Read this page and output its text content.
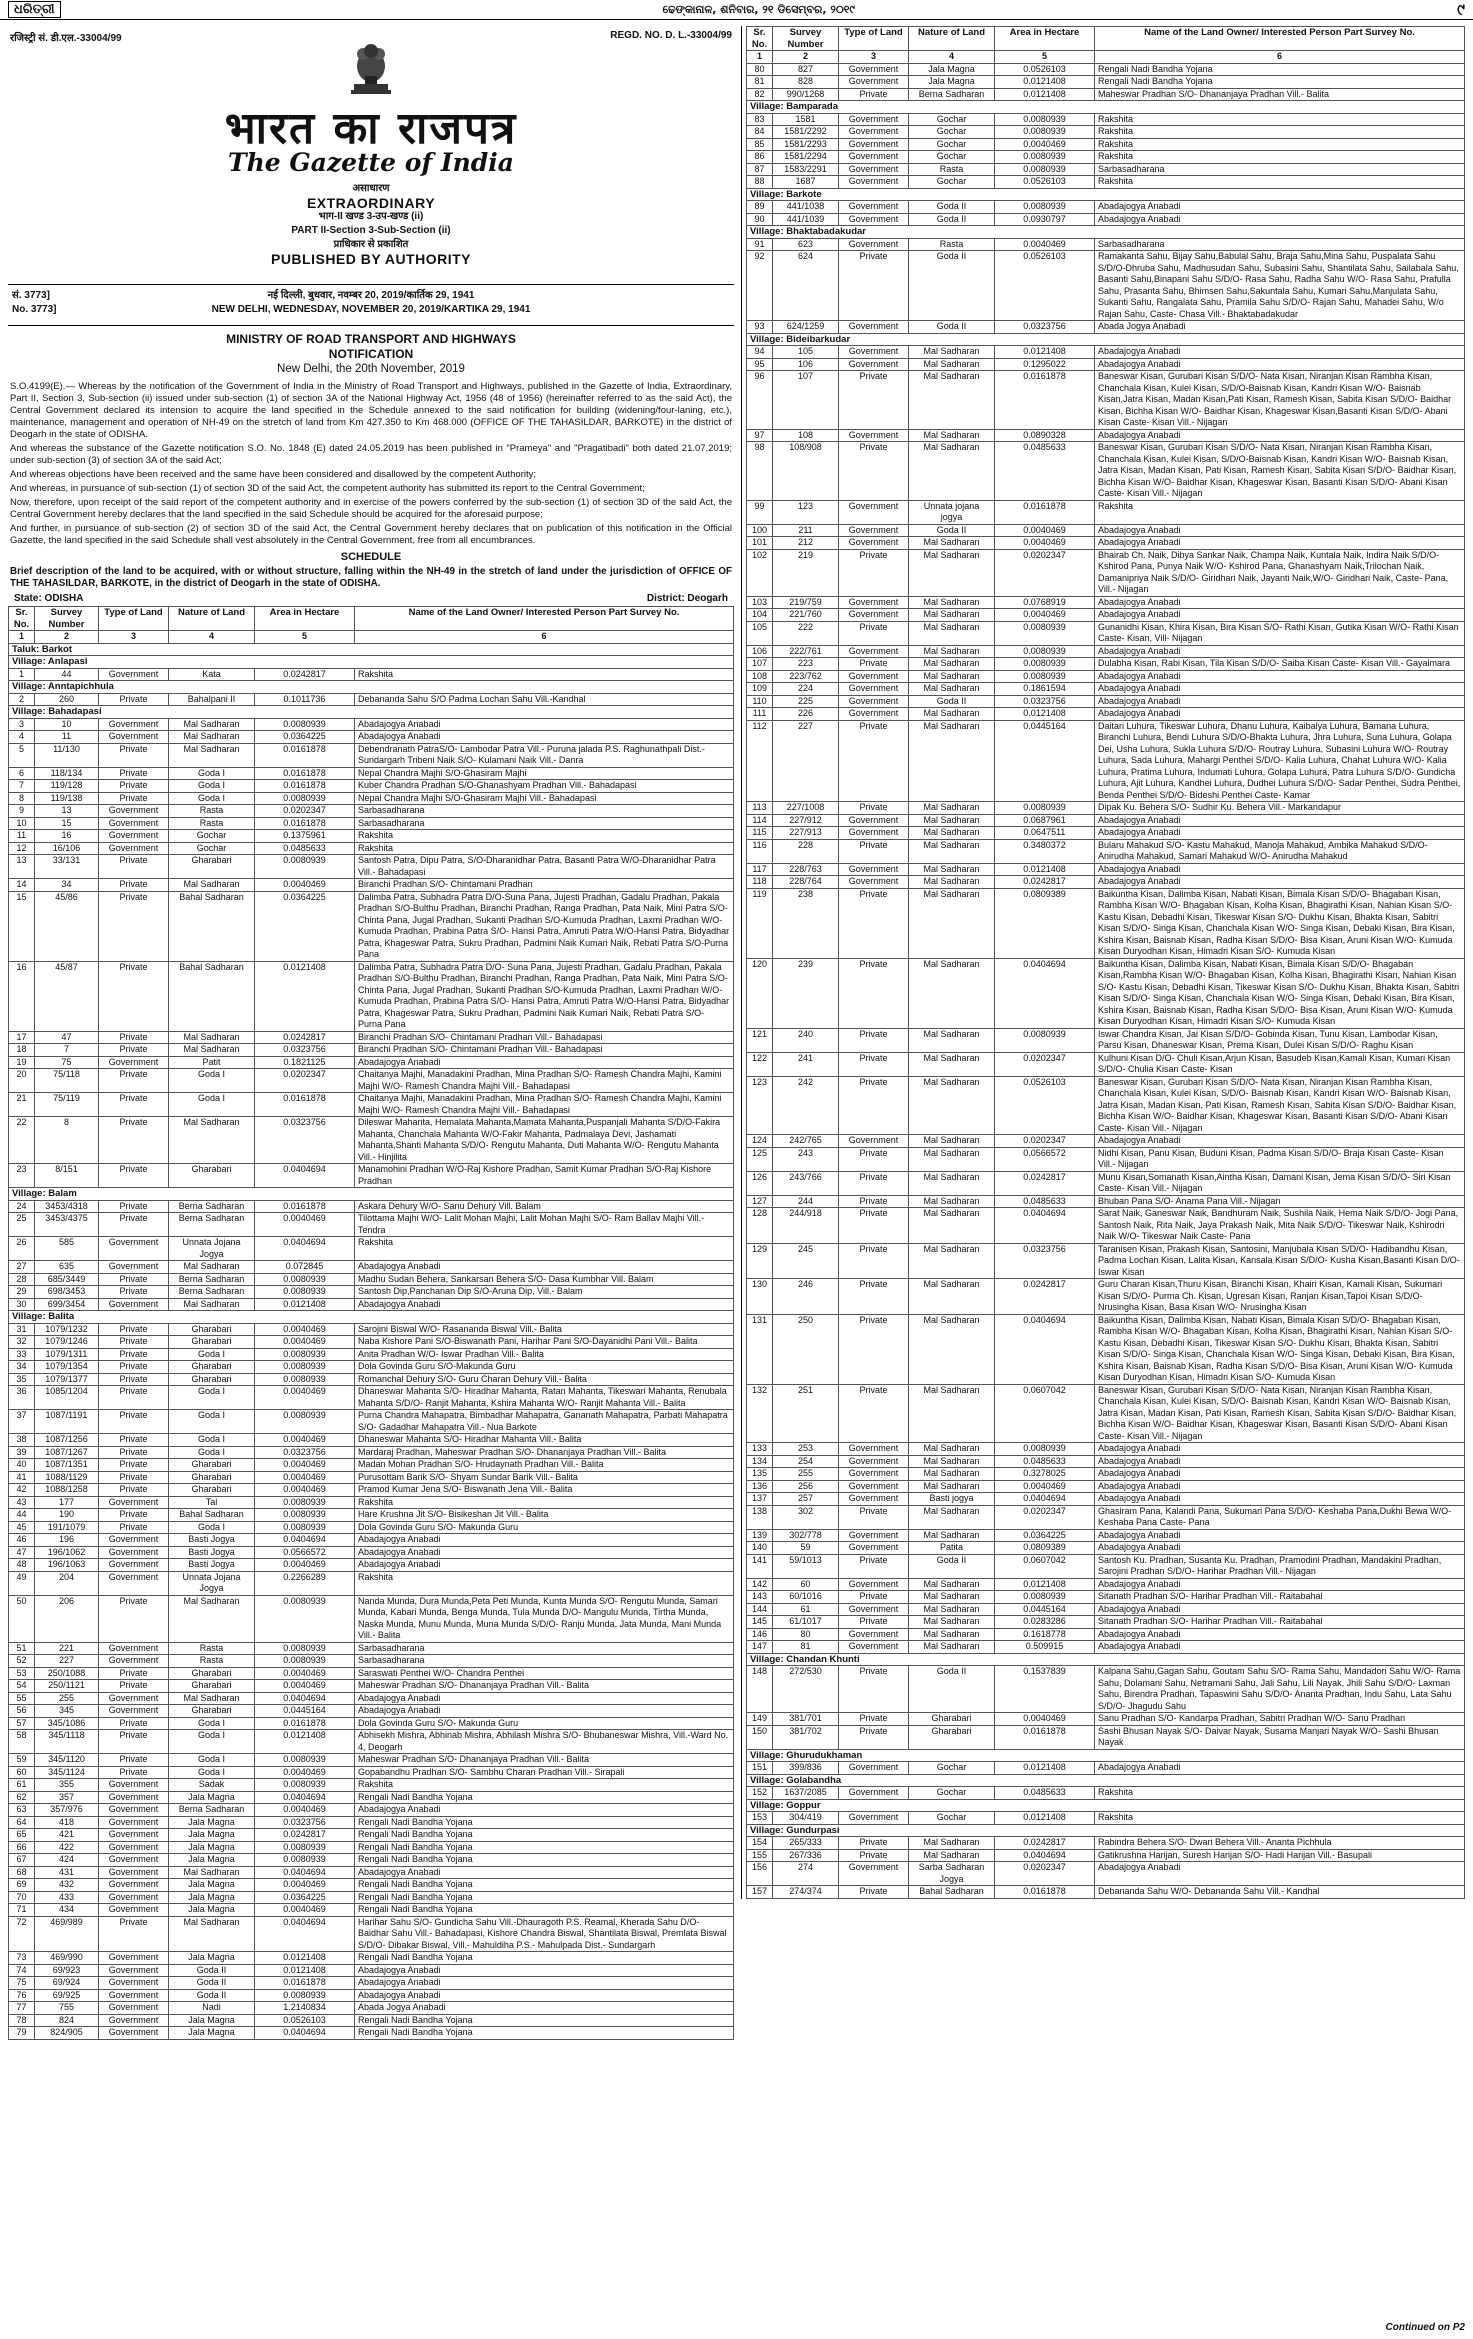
ଧରିତ୍ରୀ	ଢେଙ୍କାନାଳ, ଶନିବାର, ୨୧ ଡିସେମ୍ବର, ୨୦୧୯	୯
रजिस्ट्री सं. डी.एल.-33004/99	REGD. NO. D. L.-33004/99
भारत का राजपत्र
The Gazette of India
असाधारण
EXTRAORDINARY
भाग-II खण्ड 3-उप-खण्ड (ii)
PART II-Section 3-Sub-Section (ii)
प्राधिकार से प्रकाशित
PUBLISHED BY AUTHORITY
सं. 3773]
No. 3773]
नई दिल्ली, बुधवार, नवम्बर 20, 2019/कार्तिक 29, 1941
NEW DELHI, WEDNESDAY, NOVEMBER 20, 2019/KARTIKA 29, 1941
MINISTRY OF ROAD TRANSPORT AND HIGHWAYS
NOTIFICATION
New Delhi, the 20th November, 2019

S.O.4199(E).— Whereas by the notification of the Government of India in the Ministry of Road Transport and Highways, published in the Gazette of India, Extraordinary, Part II, Section 3, Sub-section (ii) issued under sub-section (1) of section 3A of the National Highway Act, 1956 (48 of 1956) (hereinafter referred to as the said Act), the Central Government declared its intension to acquire the land specified in the Schedule annexed to the said notification for building (widening/four-laning, etc.), maintenance, management and operation of NH-49 on the stretch of land from Km 427.350 to Km 468.000 (OFFICE OF THE TAHASILDAR, BARKOTE) in the district of Deogarh in the state of ODISHA.

And whereas the substance of the Gazette notification S.O. No. 1848 (E) dated 24.05.2019 has been published in "Prameya" and "Pragatibadi" both dated 21.07.2019; under sub-section (3) of section 3A of the said Act;

And whereas objections have been received and the same have been considered and disallowed by the competent Authority;

And whereas, in pursuance of sub-section (1) of section 3D of the said Act, the competent authority has submitted its report to the Central Government;

Now, therefore, upon receipt of the said report of the competent authority and in exercise of the powers conferred by the sub-section (1) of section 3D of the said Act, the Central Government hereby declares that the land specified in the said Schedule should be acquired for the aforesaid purpose;

And further, in pursuance of sub-section (2) of section 3D of the said Act, the Central Government hereby declares that on publication of this notification in the Official Gazette, the land specified in the said Schedule shall vest absolutely in the Central Government, free from all encumbrances.

SCHEDULE

Brief description of the land to be acquired, with or without structure, falling within the NH-49 in the stretch of land under the jurisdiction of OFFICE OF THE TAHASILDAR, BARKOTE, in the district of Deogarh in the state of ODISHA.

State: ODISHA	District: Deogarh
Sr. No.	Survey Number	Type of Land	Nature of Land	Area in Hectare	Name of the Land Owner/ Interested Person Part Survey No.
1	2	3	4	5	6
Taluk: Barkot					
Village: Anlapasi					
1	44	Government	Kata	0.0242817	Rakshita
Village: Anntapichhula					
2	260	Private	Bahalpani II	0.1011736	Debananda Sahu S/O Padma Lochan Sahu Vill.-Kandhal
Village: Bahadapasi					
3	10	Government	Mal Sadharan	0.0080939	Abadajogya Anabadi
4	11	Government	Mal Sadharan	0.0364225	Abadajogya Anabadi
5	11/130	Private	Mal Sadharan	0.0161878	Debendranath PatraS/O- Lambodar Patra Vill.- Puruna jalada P.S. Raghunathpali Dist.- Sundargarh Tribeni Naik S/O- Kulamani Naik Vill.- Danra
6	118/134	Private	Goda I	0.0161878	Nepal Chandra Majhi S/O-Ghasiram Majhi
7	119/128	Private	Goda I	0.0161878	Kuber Chandra Pradhan S/O-Ghanashyam Pradhan Vill.- Bahadapasi
8	119/138	Private	Goda I	0.0080939	Nepal Chandra Majhi S/O-Ghasiram Majhi Vill.- Bahadapasi
9	13	Government	Rasta	0.0202347	Sarbasadharana
10	15	Government	Rasta	0.0161878	Sarbasadharana
11	16	Government	Gochar	0.1375961	Rakshita
12	16/106	Government	Gochar	0.0485633	Rakshita
13	33/131	Private	Gharabari	0.0080939	Santosh Patra, Dipu Patra, S/O-Dharanidhar Patra, Basanti Patra W/O-Dharanidhar Patra Vill.- Bahadapasi
14	34	Private	Mal Sadharan	0.0040469	Biranchi Pradhan S/O- Chintamani Pradhan
15	45/86	Private	Bahal Sadharan	0.0364225	Dalimba Patra, Subhadra Patra D/O-Suna Pana, Jujesti Pradhan, Gadalu Pradhan, Pakala Pradhan S/O-Bulthu Pradhan, Biranchi Pradhan, Ranga Pradhan, Pata Naik, Mini Patra S/O-Chinta Pana, Jugal Pradhan, Sukanti Pradhan S/O-Kumuda Pradhan, Laxmi Pradhan W/O- Kumuda Pradhan, Prabina Patra S/O- Hansi Patra, Amruti Patra W/O-Hansi Patra, Bidyadhar Patra, Khageswar Patra, Sukru Pradhan, Padmini Naik Kumari Naik, Rebati Patra S/O-Purna Pana
16	45/87	Private	Bahal Sadharan	0.0121408	Dalimba Patra, Subhadra Patra D/O- Suna Pana, Jujesti Pradhan, Gadalu Pradhan, Pakala Pradhan S/O-Bulthu Pradhan, Biranchi Pradhan, Ranga Pradhan, Pata Naik, Mini Patra S/O-Chinta Pana, Jugal Pradhan, Sukanti Pradhan S/O-Kumuda Pradhan, Laxmi Pradhan W/O- Kumuda Pradhan, Prabina Patra S/O- Hansi Patra, Amruti Patra W/O-Hansi Patra, Bidyadhar Patra, Khageswar Patra, Sukru Pradhan, Padmini Naik Kumari Naik, Rebati Patra S/O- Purna Pana
17	47	Private	Mal Sadharan	0.0242817	Biranchi Pradhan S/O- Chintamani Pradhan Vill.- Bahadapasi
18	7	Private	Mal Sadharan	0.0323756	Biranchi Pradhan S/O- Chintamani Pradhan Vill.- Bahadapasi
19	75	Government	Patit	0.1821125	Abadajogya Anabadi
20	75/118	Private	Goda I	0.0202347	Chaitanya Majhi, Manadakini Pradhan, Mina Pradhan S/O- Ramesh Chandra Majhi, Kamini Majhi W/O- Ramesh Chandra Majhi Vill.- Bahadapasi
21	75/119	Private	Goda I	0.0161878	Chaitanya Majhi, Manadakini Pradhan, Mina Pradhan S/O- Ramesh Chandra Majhi, Kamini Majhi W/O- Ramesh Chandra Majhi Vill.- Bahadapasi
22	8	Private	Mal Sadharan	0.0323756	Dileswar Mahanta, Hemalata Mahanta,Mamata Mahanta,Puspanjali Mahanta S/D/O-Fakira Mahanta, Chanchala Mahanta W/O-Fakir Mahanta, Padmalaya Devi, Jashamati Mahanta,Shanti Mahanta S/D/O- Rengutu Mahanta, Duti Mahanta W/O- Rengutu Mahanta Vill.- Hinjilita
23	8/151	Private	Gharabari	0.0404694	Manamohini Pradhan W/O-Raj Kishore Pradhan, Samit Kumar Pradhan S/O-Raj Kishore Pradhan
Village: Balam					
24	3453/4318	Private	Berna Sadharan	0.0161878	Askara Dehury W/O- Sanu Dehury Vill. Balam
25	3453/4375	Private	Berna Sadharan	0.0040469	Tilottama Majhi W/O- Lalit Mohan Majhi, Lalit Mohan Majhi S/O- Ram Ballav Majhi Vill.- Tendra
26	585	Government	Unnata Jojana Jogya	0.0404694	Rakshita
27	635	Government	Mal Sadharan	0.072845	Abadajogya Anabadi
28	685/3449	Private	Berna Sadharan	0.0080939	Madhu Sudan Behera, Sankarsan Behera S/O- Dasa Kumbhar Vill. Balam
29	698/3453	Private	Berna Sadharan	0.0080939	Santosh Dip,Panchanan Dip S/O-Aruna Dip, Vill.- Balam
30	699/3454	Government	Mal Sadharan	0.0121408	Abadajogya Anabadi
Village: Balita					
31	1079/1232	Private	Gharabari	0.0040469	Sarojini Biswal W/O- Rasananda Biswal Vill.- Balita
32	1079/1246	Private	Gharabari	0.0040469	Naba Kishore Pani S/O-Biswanath Pani, Harihar Pani S/O-Dayanidhi Pani Vill.- Balita
33	1079/1311	Private	Goda I	0.0080939	Anita Pradhan W/O- Iswar Pradhan Vill.- Balita
34	1079/1354	Private	Gharabari	0.0080939	Dola Govinda Guru S/O-Makunda Guru
35	1079/1377	Private	Gharabari	0.0080939	Romanchal Dehury S/O- Guru Charan Dehury Vill.- Balita
36	1085/1204	Private	Goda I	0.0040469	Dhaneswar Mahanta S/O- Hiradhar Mahanta, Ratan Mahanta, Tikeswari Mahanta, Renubala Mahanta S/D/O- Ranjit Mahanta, Kshira Mahanta W/O- Ranjit Mahanta Vill.- Balita
37	1087/1191	Private	Goda I	0.0080939	Purna Chandra Mahapatra, Bimbadhar Mahapatra, Gananath Mahapatra, Parbati Mahapatra S/O- Gadadhar Mahapatra Vill.- Nua Barkote
38	1087/1256	Private	Goda I	0.0040469	Dhaneswar Mahanta S/O- Hiradhar Mahanta Vill.- Balita
39	1087/1267	Private	Goda I	0.0323756	Mardaraj Pradhan, Maheswar Pradhan S/O- Dhananjaya Pradhan Vill.- Balita
40	1087/1351	Private	Gharabari	0.0040469	Madan Mohan Pradhan S/O- Hrudaynath Pradhan Vill.- Balita
41	1088/1129	Private	Gharabari	0.0040469	Purusottam Barik S/O- Shyam Sundar Barik Vill.- Balita
42	1088/1258	Private	Gharabari	0.0040469	Pramod Kumar Jena S/O- Biswanath Jena Vill.- Balita
43	177	Government	Tal	0.0080939	Rakshita
44	190	Private	Bahal Sadharan	0.0080939	Hare Krushna Jit S/O- Bisikeshan Jit Vill.- Balita
45	191/1079	Private	Goda I	0.0080939	Dola Govinda Guru S/O- Makunda Guru
46	196	Government	Basti Jogya	0.0404694	Abadajogya Anabadi
47	196/1062	Government	Basti Jogya	0.0566572	Abadajogya Anabadi
48	196/1063	Government	Basti Jogya	0.0040469	Abadajogya Anabadi
49	204	Government	Unnata Jojana Jogya	0.2266289	Rakshita
50	206	Private	Mal Sadharan	0.0080939	Nanda Munda, Dura Munda,Peta Peti Munda, Kunta Munda S/O- Rengutu Munda, Samari Munda, Kabari Munda, Benga Munda, Tula Munda D/O- Mangulu Munda, Tirtha Munda, Naska Munda, Munu Munda, Muna Munda S/D/O- Ranju Munda, Jata Munda, Mani Munda Vill.- Balita
51	221	Government	Rasta	0.0080939	Sarbasadharana
52	227	Government	Rasta	0.0080939	Sarbasadharana
53	250/1088	Private	Gharabari	0.0040469	Saraswati Penthei W/O- Chandra Penthei
54	250/1121	Private	Gharabari	0.0040469	Maheswar Pradhan S/O- Dhananjaya Pradhan Vill.- Balita
55	255	Government	Mal Sadharan	0.0404694	Abadajogya Anabadi
56	345	Government	Gharabari	0.0445164	Abadajogya Anabadi
57	345/1086	Private	Goda I	0.0161878	Dola Govinda Guru S/O- Makunda Guru
58	345/1118	Private	Goda I	0.0121408	Abhisekh Mishra, Abhinab Mishra, Abhilash Mishra S/O- Bhubaneswar Mishra, Vill.-Ward No. 4, Deogarh
59	345/1120	Private	Goda I	0.0080939	Maheswar Pradhan S/O- Dhananjaya Pradhan Vill.- Balita
60	345/1124	Private	Goda I	0.0040469	Gopabandhu Pradhan S/O- Sambhu Charan Pradhan Vill.- Sirapali
61	355	Government	Sadak	0.0080939	Rakshita
62	357	Government	Jala Magna	0.0404694	Rengali Nadi Bandha Yojana
63	357/976	Government	Berna Sadharan	0.0040469	Abadajogya Anabadi
64	418	Government	Jala Magna	0.0323756	Rengali Nadi Bandha Yojana
65	421	Government	Jala Magna	0.0242817	Rengali Nadi Bandha Yojana
66	422	Government	Jala Magna	0.0080939	Rengali Nadi Bandha Yojana
67	424	Government	Jala Magna	0.0080939	Rengali Nadi Bandha Yojana
68	431	Government	Mal Sadharan	0.0404694	Abadajogya Anabadi
69	432	Government	Jala Magna	0.0040469	Rengali Nadi Bandha Yojana
70	433	Government	Jala Magna	0.0364225	Rengali Nadi Bandha Yojana
71	434	Government	Jala Magna	0.0040469	Rengali Nadi Bandha Yojana
72	469/989	Private	Mal Sadharan	0.0404694	Harihar Sahu S/O- Gundicha Sahu Vill.-Dhauragoth P.S. Reamal, Kherada Sahu D/O- Baidhar Sahu Vill.- Bahadapasi, Kishore Chandra Biswal, Shantilata Biswal, Premlata Biswal S/D/O- Dibakar Biswal, Vill.- Mahuldiha P.S.- Mahulpada Dist.- Sundargarh
73	469/990	Government	Jala Magna	0.0121408	Rengali Nadi Bandha Yojana
74	69/923	Government	Goda II	0.0121408	Abadajogya Anabadi
75	69/924	Government	Goda II	0.0161878	Abadajogya Anabadi
76	69/925	Government	Goda II	0.0080939	Abadajogya Anabadi
77	755	Government	Nadi	1.2140834	Abada Jogya Anabadi
78	824	Government	Jala Magna	0.0526103	Rengali Nadi Bandha Yojana
79	824/905	Government	Jala Magna	0.0404694	Rengali Nadi Bandha Yojana
Sr. No.	Survey Number	Type of Land	Nature of Land	Area in Hectare	Name of the Land Owner/ Interested Person Part Survey No.
1	2	3	4	5	6
80	827	Government	Jala Magna	0.0526103	Rengali Nadi Bandha Yojana
81	828	Government	Jala Magna	0.0121408	Rengali Nadi Bandha Yojana
82	990/1268	Private	Berna Sadharan	0.0121408	Maheswar Pradhan S/O- Dhananjaya Pradhan Vill.- Balita
Village: Bamparada					
83	1581	Government	Gochar	0.0080939	Rakshita
84	1581/2292	Government	Gochar	0.0080939	Rakshita
85	1581/2293	Government	Gochar	0.0040469	Rakshita
86	1581/2294	Government	Gochar	0.0080939	Rakshita
87	1583/2291	Government	Rasta	0.0080939	Sarbasadharana
88	1687	Government	Gochar	0.0526103	Rakshita
Village: Barkote					
89	441/1038	Government	Goda II	0.0080939	Abadajogya Anabadi
90	441/1039	Government	Goda II	0.0930797	Abadajogya Anabadi
Village: Bhaktabadakudar					
91	623	Government	Rasta	0.0040469	Sarbasadharana
92	624	Private	Goda II	0.0526103	Ramakanta Sahu, Bijay Sahu,Babulal Sahu, Braja Sahu,Mina Sahu, Puspalata Sahu S/D/O-Dhruba Sahu, Madhusudan Sahu, Subasini Sahu, Shantilata Sahu, Sailabala Sahu, Basanti Sahu,Binapani Sahu S/D/O- Rasa Sahu, Radha Sahu W/O- Rasa Sahu, Prafulla Sahu, Prasanta Sahu, Bhimsen Sahu,Sakuntala Sahu, Kumari Sahu,Manjulata Sahu, Sukanti Sahu, Rangalata Sahu, Pramila Sahu S/D/O- Rajan Sahu, Mahadei Sahu, W/o Rajan Sahu, Caste- Chasa Vill.- Bhaktabadakudar
93	624/1259	Government	Goda II	0.0323756	Abada Jogya Anabadi
Village: Bideibarkudar					
94	105	Government	Mal Sadharan	0.0121408	Abadajogya Anabadi
95	106	Government	Mal Sadharan	0.1295022	Abadajogya Anabadi
96	107	Private	Mal Sadharan	0.0161878	Baneswar Kisan, Gurubari Kisan S/D/O- Nata Kisan, Niranjan Kisan Rambha Kisan, Chanchala Kisan, Kulei Kisan, S/D/O-Baisnab Kisan, Kandri Kisan W/O- Baisnab Kisan,Jatra Kisan, Madan Kisan,Pati Kisan, Ramesh Kisan, Sabita Kisan S/D/O- Baidhar Kisan, Bichha Kisan W/O- Baidhar Kisan, Khageswar Kisan,Basanti Kisan S/D/O- Abani Kisan Caste- Kisan Vill.- Nijagan
97	108	Government	Mal Sadharan	0.0890328	Abadajogya Anabadi
98	108/908	Private	Mal Sadharan	0.0485633	Baneswar Kisan, Gurubari Kisan S/D/O- Nata Kisan, Niranjan Kisan Rambha Kisan, Chanchala Kisan, Kulei Kisan, S/D/O-Baisnab Kisan, Kandri Kisan W/O- Baisnab Kisan, Jatra Kisan, Madan Kisan, Pati Kisan, Ramesh Kisan, Sabita Kisan S/D/O- Baidhar Kisan, Bichha Kisan W/O- Baidhar Kisan, Khageswar Kisan, Basanti Kisan S/D/O- Abani Kisan Caste- Kisan Vill.- Nijagan
99	123	Government	Unnata jojana jogya	0.0161878	Rakshita
100	211	Government	Goda II	0.0040469	Abadajogya Anabadi
101	212	Government	Mal Sadharan	0.0040469	Abadajogya Anabadi
102	219	Private	Mal Sadharan	0.0202347	Bhairab Ch. Naik, Dibya Sankar Naik, Champa Naik, Kuntala Naik, Indira Naik S/D/O- Kshirod Pana, Punya Naik W/O- Kshirod Pana, Ghanashyam Naik,Trilochan Naik, Damanipriya Naik S/D/O- Giridhari Naik, Jayanti Naik,W/O- Giridhari Naik, Caste- Pana, Vill.- Nijagan
103	219/759	Government	Mal Sadharan	0.0768919	Abadajogya Anabadi
104	221/760	Government	Mal Sadharan	0.0040469	Abadajogya Anabadi
105	222	Private	Mal Sadharan	0.0080939	Gunanidhi Kisan, Khira Kisan, Bira Kisan S/O- Rathi Kisan, Gutika Kisan W/O- Rathi Kisan Caste- Kisan, Vill- Nijagan
106	222/761	Government	Mal Sadharan	0.0080939	Abadajogya Anabadi
107	223	Private	Mal Sadharan	0.0080939	Dulabha Kisan, Rabi Kisan, Tila Kisan S/D/O- Saiba Kisan Caste- Kisan Vill.- Gayalmara
108	223/762	Government	Mal Sadharan	0.0080939	Abadajogya Anabadi
109	224	Government	Mal Sadharan	0.1861594	Abadajogya Anabadi
110	225	Government	Goda II	0.0323756	Abadajogya Anabadi
111	226	Government	Mal Sadharan	0.0121408	Abadajogya Anabadi
112	227	Private	Mal Sadharan	0.0445164	Daitari Luhura, Tikeswar Luhura, Dhanu Luhura, Kaibalya Luhura, Bamana Luhura, Biranchi Luhura, Bendi Luhura S/D/O-Bhakta Luhura, Jhra Luhura, Suna Luhura, Golapa Dei, Usha Luhura, Sukla Luhura S/D/O- Routray Luhura, Subasini Luhura W/O- Routray Luhura, Sada Luhura, Mahargi Penthei S/D/O- Kalia Luhura, Chahat Luhura W/O- Kalia Luhura, Pratima Luhura, Indumati Luhura, Golapa Luhura, Patra Luhura S/D/O- Gundicha Luhura, Ajit Luhura, Kandhei Luhura, Dudhei Luhura S/D/O- Sadar Penthei, Sudra Penthei, Benda Penthei S/D/O- Bideshi Penthei Caste- Kamar
113	227/1008	Private	Mal Sadharan	0.0080939	Dipak Ku. Behera S/O- Sudhir Ku. Behera Vill.- Markandapur
114	227/912	Government	Mal Sadharan	0.0687961	Abadajogya Anabadi
115	227/913	Government	Mal Sadharan	0.0647511	Abadajogya Anabadi
116	228	Private	Mal Sadharan	0.3480372	Bularu Mahakud S/O- Kastu Mahakud, Manoja Mahakud, Ambika Mahakud S/D/O- Anirudha Mahakud, Samari Mahakud W/O- Anirudha Mahakud
117	228/763	Government	Mal Sadharan	0.0121408	Abadajogya Anabadi
118	228/764	Government	Mal Sadharan	0.0242817	Abadajogya Anabadi
119	238	Private	Mal Sadharan	0.0809389	Baikuntha Kisan, Dalimba Kisan, Nabati Kisan, Bimala Kisan S/D/O- Bhagaban Kisan, Rambha Kisan W/O- Bhagaban Kisan, Kolha Kisan, Bhagirathi Kisan, Nahian Kisan S/O- Kastu Kisan, Debadhi Kisan, Tikeswar Kisan S/O- Dukhu Kisan, Bhakta Kisan, Sabitri Kisan S/D/O- Singa Kisan, Chanchala Kisan W/O- Singa Kisan, Debaki Kisan, Bira Kisan, Kshira Kisan, Baisnab Kisan, Radha Kisan S/D/O- Bisa Kisan, Aruni Kisan W/O- Kumuda Kisan Duryodhan Kisan, Himadri Kisan S/O- Kumuda Kisan
120	239	Private	Mal Sadharan	0.0404694	Baikuntha Kisan, Dalimba Kisan, Nabati Kisan, Bimala Kisan S/D/O- Bhagaban Kisan,Rambha Kisan W/O- Bhagaban Kisan, Kolha Kisan, Bhagirathi Kisan, Nahian Kisan S/O- Kastu Kisan, Debadhi Kisan, Tikeswar Kisan S/O- Dukhu Kisan, Bhakta Kisan, Sabitri Kisan S/D/O- Singa Kisan, Chanchala Kisan W/O- Singa Kisan, Debaki Kisan, Bira Kisan, Kshira Kisan, Baisnab Kisan, Radha Kisan S/D/O- Bisa Kisan, Aruni Kisan W/O- Kumuda Kisan Duryodhan Kisan, Himadri Kisan S/O- Kumuda Kisan
121	240	Private	Mal Sadharan	0.0080939	Iswar Chandra Kisan, Jai Kisan S/D/O- Gobinda Kisan, Tunu Kisan, Lambodar Kisan, Parsu Kisan, Dhaneswar Kisan, Prema Kisan, Dulei Kisan S/D/O- Raghu Kisan
122	241	Private	Mal Sadharan	0.0202347	Kulhuni Kisan D/O- Chuli Kisan,Arjun Kisan, Basudeb Kisan,Kamali Kisan, Kumari Kisan S/D/O- Chulia Kisan Caste- Kisan
123	242	Private	Mal Sadharan	0.0526103	Baneswar Kisan, Gurubari Kisan S/D/O- Nata Kisan, Niranjan Kisan Rambha Kisan, Chanchala Kisan, Kulei Kisan, S/D/O- Baisnab Kisan, Kandri Kisan W/O- Baisnab Kisan, Jatra Kisan, Madan Kisan, Pati Kisan, Ramesh Kisan, Sabita Kisan S/D/O- Baidhar Kisan, Bichha Kisan W/O- Baidhar Kisan, Khageswar Kisan, Basanti Kisan S/D/O- Abani Kisan Caste- Kisan Vill.- Nijagan
124	242/765	Government	Mal Sadharan	0.0202347	Abadajogya Anabadi
125	243	Private	Mal Sadharan	0.0566572	Nidhi Kisan, Panu Kisan, Buduni Kisan, Padma Kisan S/D/O- Braja Kisan Caste- Kisan Vill.- Nijagan
126	243/766	Private	Mal Sadharan	0.0242817	Munu Kisan,Somanath Kisan,Aintha Kisan, Damani Kisan, Jema Kisan S/D/O- Siri Kisan Caste- Kisan Vill.- Nijagan
127	244	Private	Mal Sadharan	0.0485633	Bhuban Pana S/O- Anama Pana Vill.- Nijagan
128	244/918	Private	Mal Sadharan	0.0404694	Sarat Naik, Ganeswar Naik, Bandhuram Naik, Sushila Naik, Hema Naik S/D/O- Jogi Pana, Santosh Naik, Rita Naik, Jaya Prakash Naik, Mita Naik S/D/O- Tikeswar Naik, Kshirodri Naik W/O- Tikeswar Naik Caste- Pana
129	245	Private	Mal Sadharan	0.0323756	Taranisen Kisan, Prakash Kisan, Santosini, Manjubala Kisan S/D/O- Hadibandhu Kisan, Padma Lochan Kisan, Lalita Kisan, Kansala Kisan S/D/O- Kusha Kisan,Basanti Kisan D/O- Iswar Kisan
130	246	Private	Mal Sadharan	0.0242817	Guru Charan Kisan,Thuru Kisan, Biranchi Kisan, Khairi Kisan, Kamali Kisan, Sukumari Kisan S/D/O- Purma Ch. Kisan, Ugresan Kisan, Ranjan Kisan,Tapoi Kisan S/D/O- Nrusingha Kisan, Basa Kisan W/O- Nrusingha Kisan
131	250	Private	Mal Sadharan	0.0404694	Baikuntha Kisan, Dalimba Kisan, Nabati Kisan, Bimala Kisan S/D/O- Bhagaban Kisan, Rambha Kisan W/O- Bhagaban Kisan, Kolha Kisan, Bhagirathi Kisan, Nahian Kisan S/O- Kastu Kisan, Debadhi Kisan, Tikeswar Kisan S/O- Dukhu Kisan, Bhakta Kisan, Sabitri Kisan S/D/O- Singa Kisan, Chanchala Kisan W/O- Singa Kisan, Debaki Kisan, Bira Kisan, Kshira Kisan, Baisnab Kisan, Radha Kisan S/D/O- Bisa Kisan, Aruni Kisan W/O- Kumuda Kisan Duryodhan Kisan, Himadri Kisan S/O- Kumuda Kisan
132	251	Private	Mal Sadharan	0.0607042	Baneswar Kisan, Gurubari Kisan S/D/O- Nata Kisan, Niranjan Kisan Rambha Kisan, Chanchala Kisan, Kulei Kisan, S/D/O- Baisnab Kisan, Kandri Kisan W/O- Baisnab Kisan, Jatra Kisan, Madan Kisan, Pati Kisan, Ramesh Kisan, Sabita Kisan S/D/O- Baidhar Kisan, Bichha Kisan W/O- Baidhar Kisan, Khageswar Kisan, Basanti Kisan S/D/O- Abani Kisan Caste- Kisan Vill.- Nijagan
133	253	Government	Mal Sadharan	0.0080939	Abadajogya Anabadi
134	254	Government	Mal Sadharan	0.0485633	Abadajogya Anabadi
135	255	Government	Mal Sadharan	0.3278025	Abadajogya Anabadi
136	256	Government	Mal Sadharan	0.0040469	Abadajogya Anabadi
137	257	Government	Basti jogya	0.0404694	Abadajogya Anabadi
138	302	Private	Mal Sadharan	0.0202347	Ghasiram Pana, Kalandi Pana, Sukumari Pana S/D/O- Keshaba Pana,Dukhi Bewa W/O- Keshaba Pana Caste- Pana
139	302/778	Government	Mal Sadharan	0.0364225	Abadajogya Anabadi
140	59	Government	Patita	0.0809389	Abadajogya Anabadi
141	59/1013	Private	Goda II	0.0607042	Santosh Ku. Pradhan, Susanta Ku. Pradhan, Pramodini Pradhan, Mandakini Pradhan, Sarojini Pradhan S/D/O- Harihar Pradhan Vill.- Nijagan
142	60	Government	Mal Sadharan	0.0121408	Abadajogya Anabadi
143	60/1016	Private	Mal Sadharan	0.0080939	Sitanath Pradhan S/O- Harihar Pradhan Vill.- Raitabahal
144	61	Government	Mal Sadharan	0.0445164	Abadajogya Anabadi
145	61/1017	Private	Mal Sadharan	0.0283286	Sitanath Pradhan S/O- Harihar Pradhan Vill.- Raitabahal
146	80	Government	Mal Sadharan	0.1618778	Abadajogya Anabadi
147	81	Government	Mal Sadharan	0.509915	Abadajogya Anabadi
Village: Chandan Khunti					
148	272/530	Private	Goda II	0.1537839	Kalpana Sahu,Gagan Sahu, Goutam Sahu S/O- Rama Sahu, Mandadori Sahu W/O- Rama Sahu, Dolamani Sahu, Netramani Sahu, Jali Sahu, Lili Nayak, Jhili Sahu S/D/O- Laxman Sahu, Birendra Pradhan, Tapaswini Sahu S/D/O- Ananta Pradhan, Indu Sahu, Lata Sahu S/D/O- Jhagudu Sahu
149	381/701	Private	Gharabari	0.0040469	Sanu Pradhan S/O- Kandarpa Pradhan, Sabitri Pradhan W/O- Sanu Pradhan
150	381/702	Private	Gharabari	0.0161878	Sashi Bhusan Nayak S/O- Daivar Nayak, Susama Manjari Nayak W/O- Sashi Bhusan Nayak
Village: Ghurudukhaman					
151	399/836	Government	Gochar	0.0121408	Abadajogya Anabadi
Village: Golabandha					
152	1637/2085	Government	Gochar	0.0485633	Rakshita
Village: Goppur					
153	304/419	Government	Gochar	0.0121408	Rakshita
Village: Gundurpasi					
154	265/333	Private	Mal Sadharan	0.0242817	Rabindra Behera S/O- Dwari Behera Vill.- Ananta Pichhula
155	267/336	Private	Mal Sadharan	0.0404694	Gatikrushna Harijan, Suresh Harijan S/O- Hadi Harijan Vill.- Basupali
156	274	Government	Sarba Sadharan Jogya	0.0202347	Abadajogya Anabadi
157	274/374	Private	Bahal Sadharan	0.0161878	Debananda Sahu W/O- Debananda Sahu Vill.- Kandhal
Continued on P2
